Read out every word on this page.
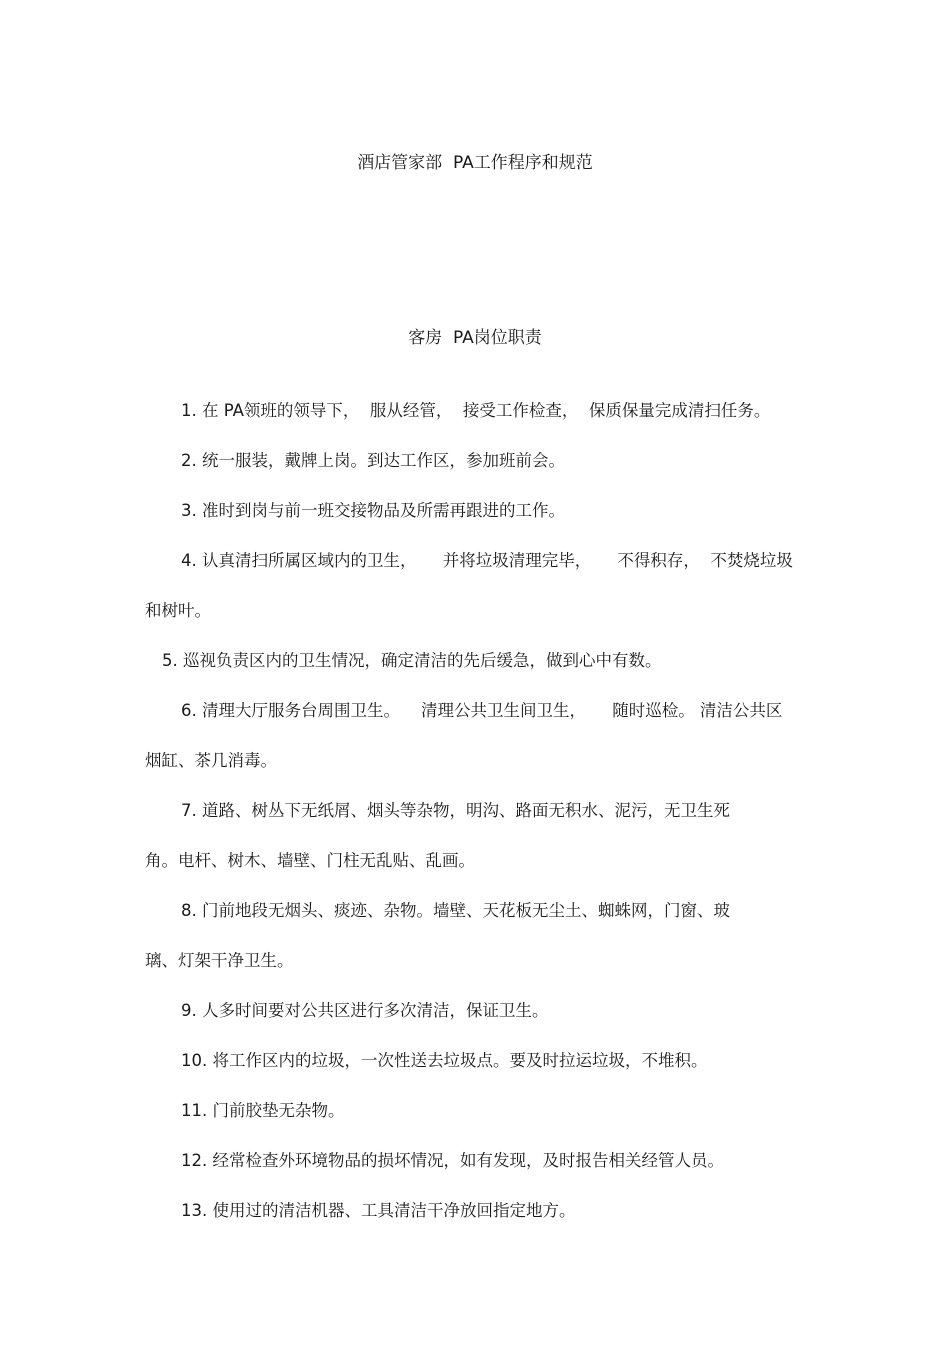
酒店管家部  PA工作程序和规范
客房  PA岗位职责
1. 在 PA领班的领导下，  服从经管，  接受工作检查，  保质保量完成清扫任务。
2. 统一服装，戴牌上岗。到达工作区，参加班前会。
3. 准时到岗与前一班交接物品及所需再跟进的工作。
4. 认真清扫所属区域内的卫生，     并将垃圾清理完毕，     不得积存，  不焚烧垃圾
和树叶。
5. 巡视负责区内的卫生情况，确定清洁的先后缓急，做到心中有数。
6. 清理大厅服务台周围卫生。    清理公共卫生间卫生，     随时巡检。 清洁公共区
烟缸、茶几消毒。
7. 道路、树丛下无纸屑、烟头等杂物，明沟、路面无积水、泥污，无卫生死
角。电杆、树木、墙壁、门柱无乱贴、乱画。
8. 门前地段无烟头、痰迹、杂物。墙壁、天花板无尘土、蜘蛛网，门窗、玻
璃、灯架干净卫生。
9. 人多时间要对公共区进行多次清洁，保证卫生。
10. 将工作区内的垃圾，一次性送去垃圾点。要及时拉运垃圾，不堆积。
11. 门前胶垫无杂物。
12. 经常检查外环境物品的损坏情况，如有发现，及时报告相关经管人员。
13. 使用过的清洁机器、工具清洁干净放回指定地方。
